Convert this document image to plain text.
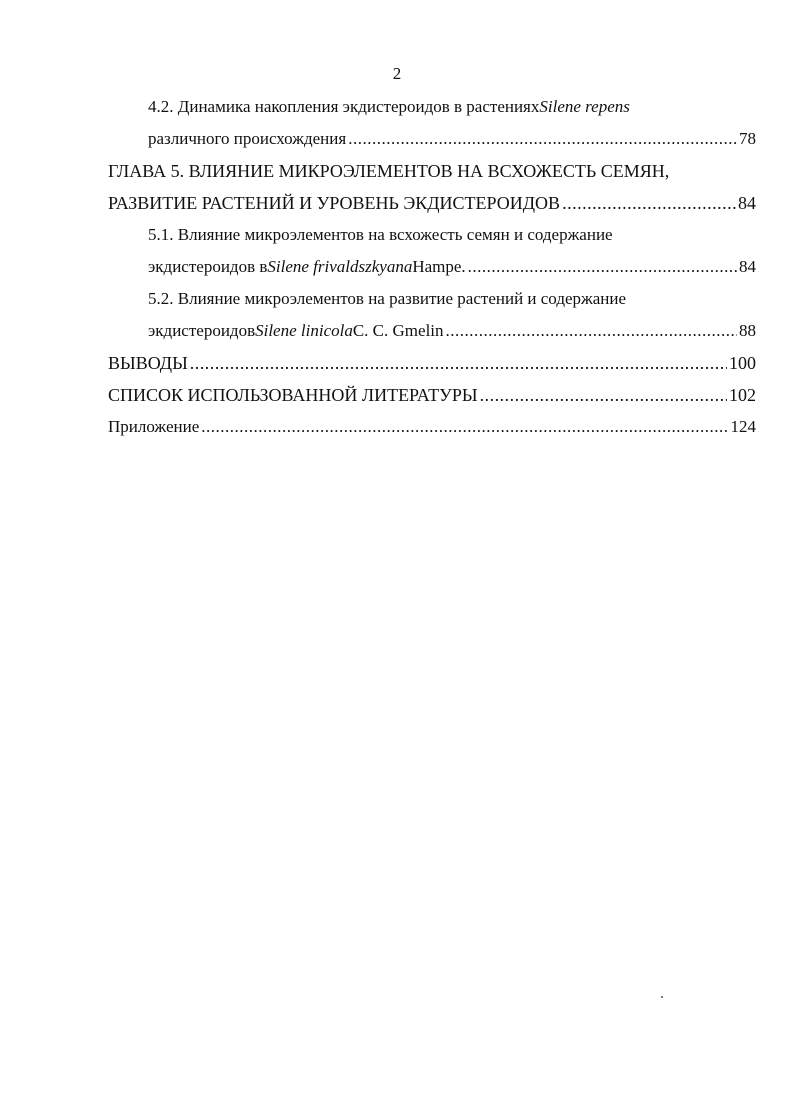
2
4.2. Динамика накопления экдистероидов в растениях Silene repens
различного происхождения .....	78
ГЛАВА 5. ВЛИЯНИЕ МИКРОЭЛЕМЕНТОВ НА ВСХОЖЕСТЬ СЕМЯН,
РАЗВИТИЕ РАСТЕНИЙ И УРОВЕНЬ ЭКДИСТЕРОИДОВ .....	84
5.1. Влияние микроэлементов на всхожесть семян и содержание
экдистероидов в Silene frivaldszkyana Hampe. .....	84
5.2. Влияние микроэлементов на развитие растений и содержание
экдистероидов Silene linicola C. C. Gmelin .....	88
ВЫВОДЫ .....	100
СПИСОК ИСПОЛЬЗОВАННОЙ ЛИТЕРАТУРЫ .....	102
Приложение .....	124
